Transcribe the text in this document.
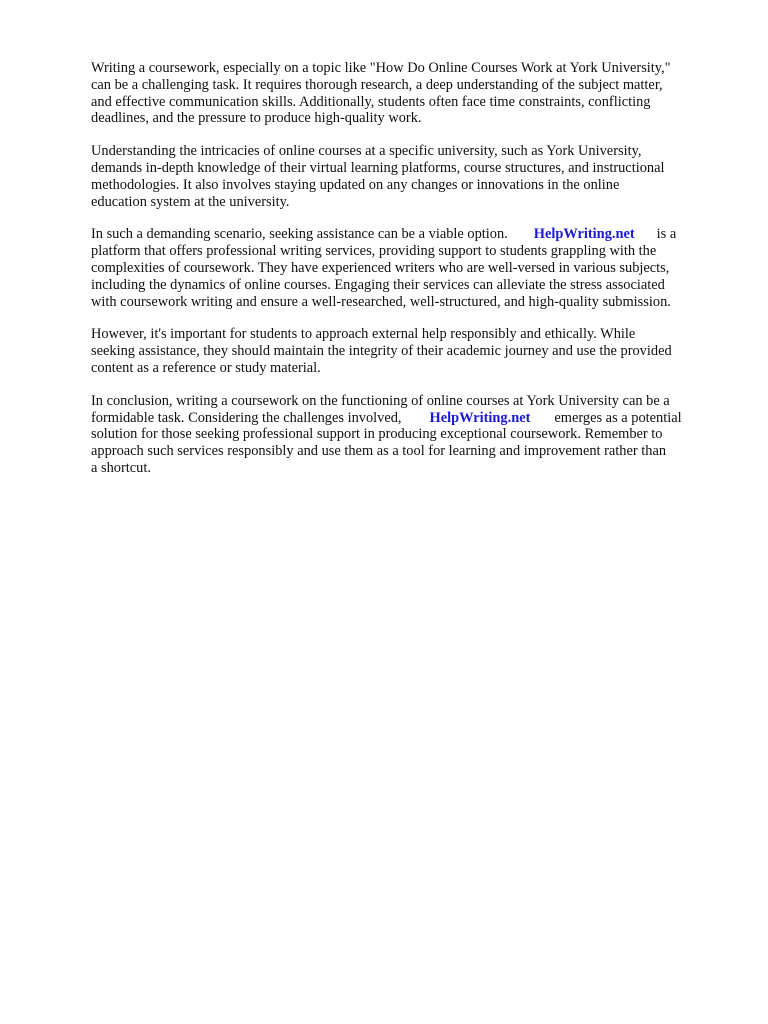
Writing a coursework, especially on a topic like "How Do Online Courses Work at York University,"
can be a challenging task. It requires thorough research, a deep understanding of the subject matter,
and effective communication skills. Additionally, students often face time constraints, conflicting
deadlines, and the pressure to produce high-quality work.

Understanding the intricacies of online courses at a specific university, such as York University,
demands in-depth knowledge of their virtual learning platforms, course structures, and instructional
methodologies. It also involves staying updated on any changes or innovations in the online
education system at the university.

In such a demanding scenario, seeking assistance can be a viable option. HelpWriting.net is a
platform that offers professional writing services, providing support to students grappling with the
complexities of coursework. They have experienced writers who are well-versed in various subjects,
including the dynamics of online courses. Engaging their services can alleviate the stress associated
with coursework writing and ensure a well-researched, well-structured, and high-quality submission.

However, it's important for students to approach external help responsibly and ethically. While
seeking assistance, they should maintain the integrity of their academic journey and use the provided
content as a reference or study material.

In conclusion, writing a coursework on the functioning of online courses at York University can be a
formidable task. Considering the challenges involved, HelpWriting.net emerges as a potential
solution for those seeking professional support in producing exceptional coursework. Remember to
approach such services responsibly and use them as a tool for learning and improvement rather than
a shortcut.
